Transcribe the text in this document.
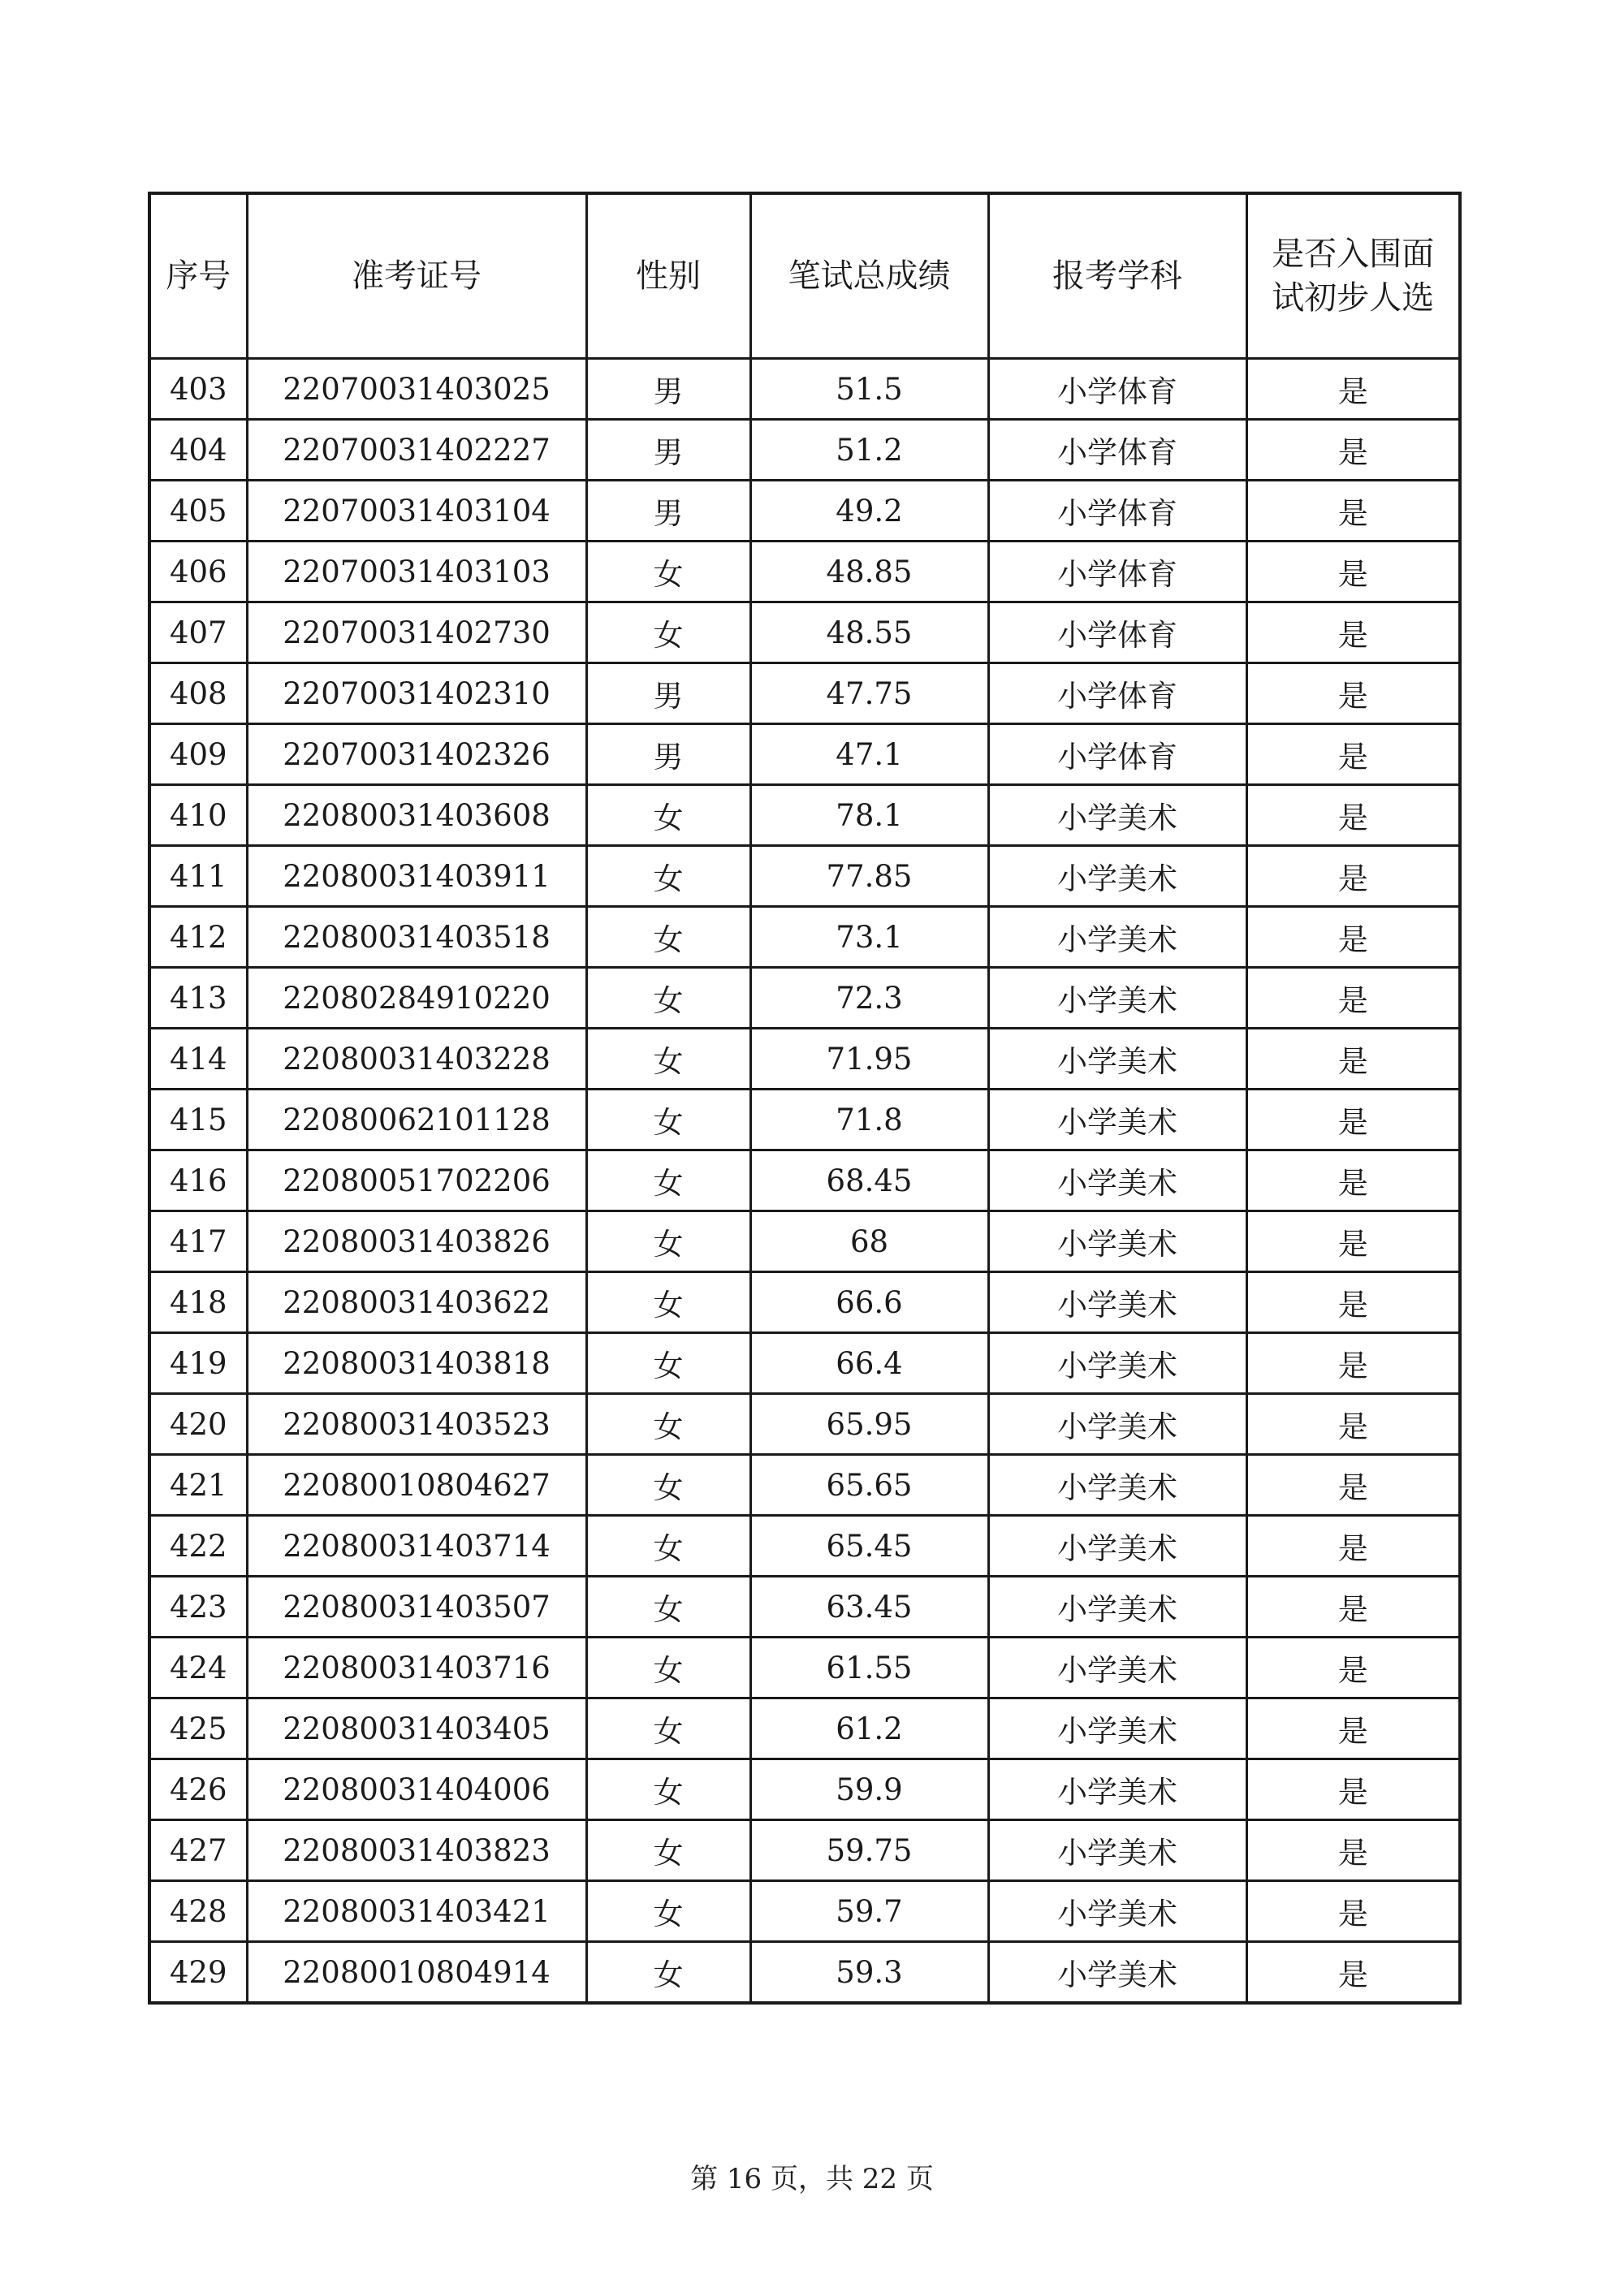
序号	准考证号	性别	笔试总成绩	报考学科	是否入围面试初步人选
403	22070031403025	男	51.5	小学体育	是
404	22070031402227	男	51.2	小学体育	是
405	22070031403104	男	49.2	小学体育	是
406	22070031403103	女	48.85	小学体育	是
407	22070031402730	女	48.55	小学体育	是
408	22070031402310	男	47.75	小学体育	是
409	22070031402326	男	47.1	小学体育	是
410	22080031403608	女	78.1	小学美术	是
411	22080031403911	女	77.85	小学美术	是
412	22080031403518	女	73.1	小学美术	是
413	22080284910220	女	72.3	小学美术	是
414	22080031403228	女	71.95	小学美术	是
415	22080062101128	女	71.8	小学美术	是
416	22080051702206	女	68.45	小学美术	是
417	22080031403826	女	68	小学美术	是
418	22080031403622	女	66.6	小学美术	是
419	22080031403818	女	66.4	小学美术	是
420	22080031403523	女	65.95	小学美术	是
421	22080010804627	女	65.65	小学美术	是
422	22080031403714	女	65.45	小学美术	是
423	22080031403507	女	63.45	小学美术	是
424	22080031403716	女	61.55	小学美术	是
425	22080031403405	女	61.2	小学美术	是
426	22080031404006	女	59.9	小学美术	是
427	22080031403823	女	59.75	小学美术	是
428	22080031403421	女	59.7	小学美术	是
429	22080010804914	女	59.3	小学美术	是
第 16 页，共 22 页
